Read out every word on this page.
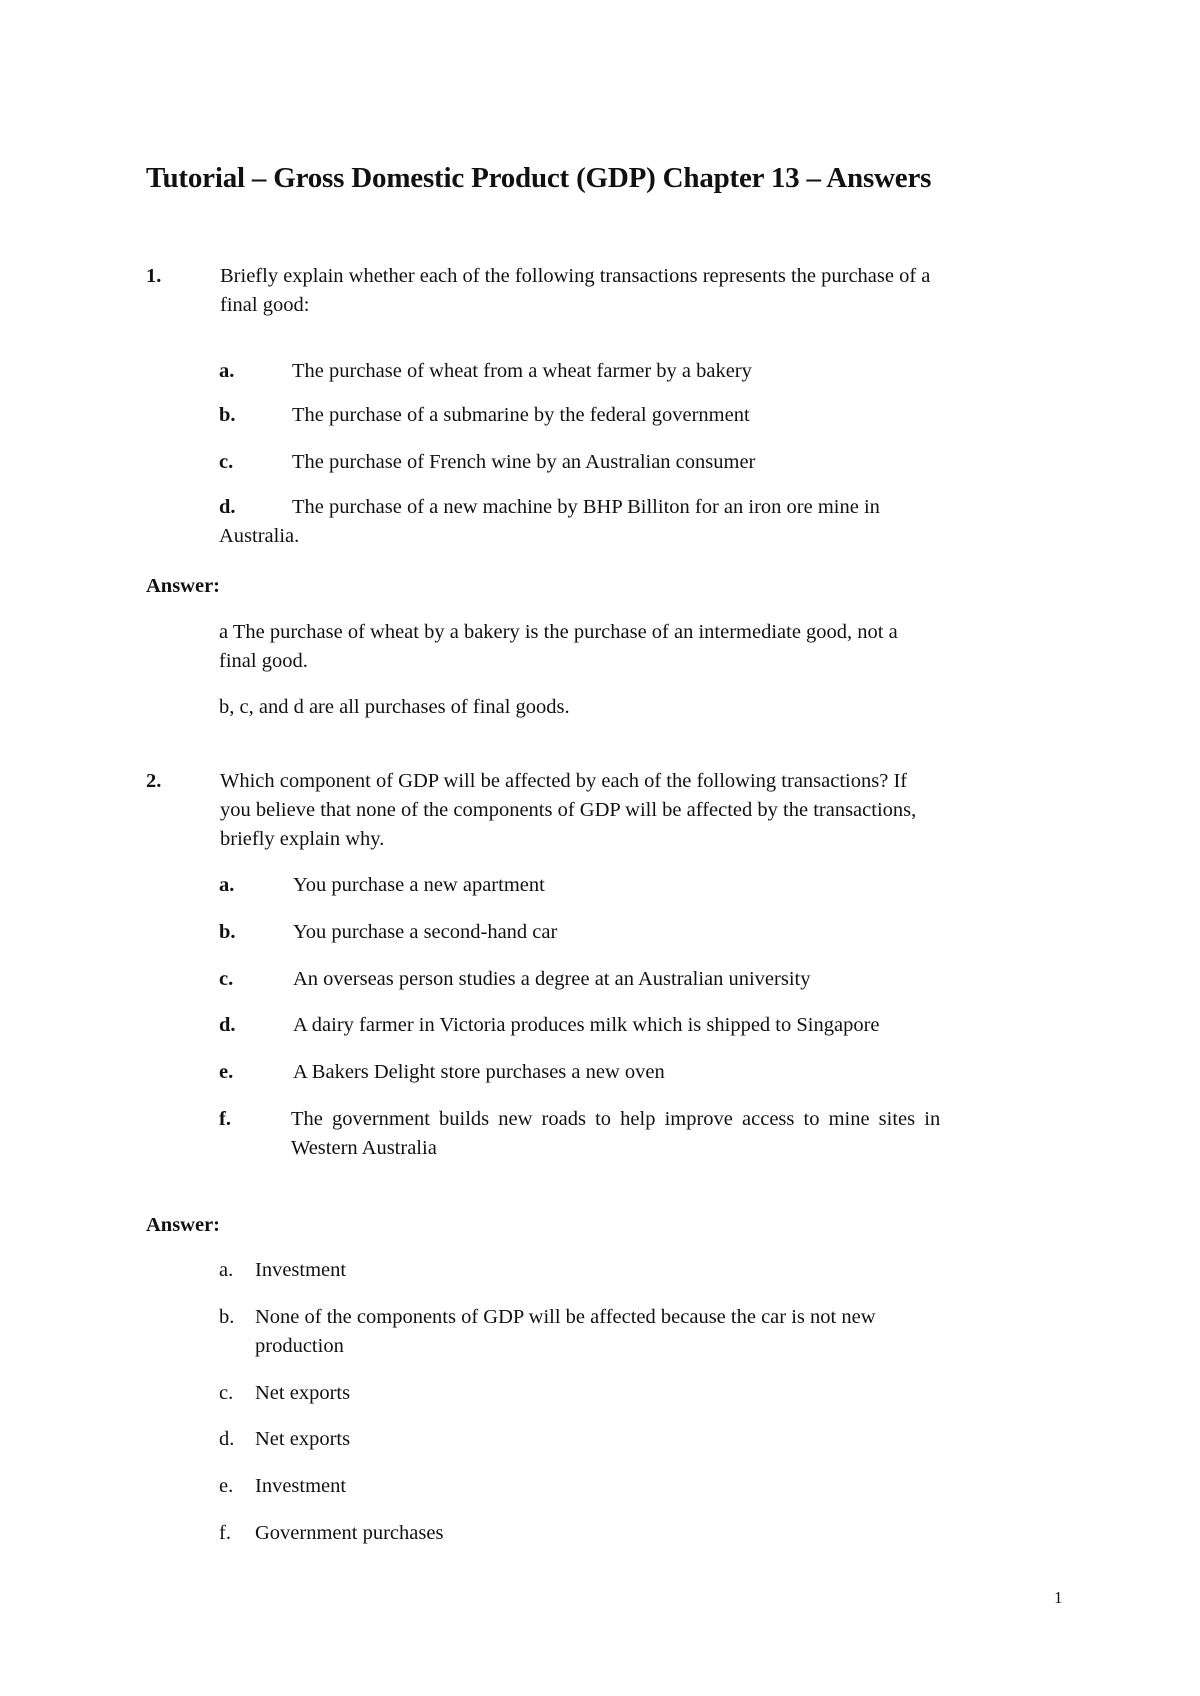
Tutorial – Gross Domestic Product (GDP) Chapter 13 – Answers
1.	Briefly explain whether each of the following transactions represents the purchase of a
final good:
a.	The purchase of wheat from a wheat farmer by a bakery
b.	The purchase of a submarine by the federal government
c.	The purchase of French wine by an Australian consumer
d.	The purchase of a new machine by BHP Billiton for an iron ore mine in
Australia.
Answer:
a The purchase of wheat by a bakery is the purchase of an intermediate good, not a
final good.
b, c, and d are all purchases of final goods.
2.	Which component of GDP will be affected by each of the following transactions? If
you believe that none of the components of GDP will be affected by the transactions,
briefly explain why.
a.	You purchase a new apartment
b.	You purchase a second-hand car
c.	An overseas person studies a degree at an Australian university
d.	A dairy farmer in Victoria produces milk which is shipped to Singapore
e.	A Bakers Delight store purchases a new oven
f.	The government builds new roads to help improve access to mine sites in
Western Australia
Answer:
a. Investment
b. None of the components of GDP will be affected because the car is not new
production
c. Net exports
d. Net exports
e. Investment
f. Government purchases
1
